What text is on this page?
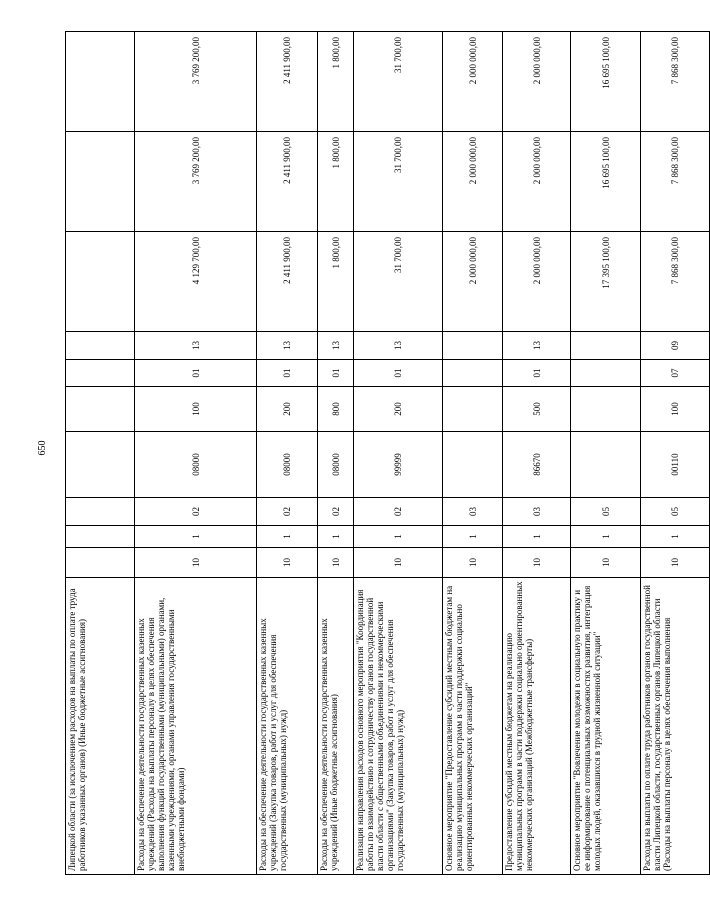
650
Липецкой области (за исключением расходов на выплаты по оплате труда работников указанных органов) (Иные бюджетные ассигнования)										
Расходы на обеспечение деятельности государственных казенных учреждений (Расходы на выплаты персоналу в целях обеспечения выполнения функций государственными (муниципальными) органами, казенными учреждениями, органами управления государственными внебюджетными фондами)	10	1	02	08000	100	01	13	4 129 700,00	3 769 200,00	3 769 200,00
Расходы на обеспечение деятельности государственных казенных учреждений (Закупка товаров, работ и услуг для обеспечения государственных (муниципальных) нужд)	10	1	02	08000	200	01	13	2 411 900,00	2 411 900,00	2 411 900,00
Расходы на обеспечение деятельности государственных казенных учреждений (Иные бюджетные ассигнования)	10	1	02	08000	800	01	13	1 800,00	1 800,00	1 800,00
Реализация направления расходов основного мероприятия "Координация работы по взаимодействию и сотрудничеству органов государственной власти области с общественными объединениями и некоммерческими организациями" (Закупка товаров, работ и услуг для обеспечения государственных (муниципальных) нужд)	10	1	02	99999	200	01	13	31 700,00	31 700,00	31 700,00
Основное мероприятие "Предоставление субсидий местным бюджетам на реализацию муниципальных программ в части поддержки социально ориентированных некоммерческих организаций"	10	1	03					2 000 000,00	2 000 000,00	2 000 000,00
Предоставление субсидий местным бюджетам на реализацию муниципальных программ в части поддержки социально ориентированных некоммерческих организаций (Межбюджетные трансферты)	10	1	03	86670	500	01	13	2 000 000,00	2 000 000,00	2 000 000,00
Основное мероприятие "Вовлечение молодежи в социальную практику и ее информирование о потенциальных возможностях развития, интеграция молодых людей, оказавшихся в трудной жизненной ситуации"	10	1	05					17 395 100,00	16 695 100,00	16 695 100,00
Расходы на выплаты по оплате труда работников органов государственной власти Липецкой области, государственных органов Липецкой области (Расходы на выплаты персоналу в целях обеспечения выполнения	10	1	05	00110	100	07	09	7 868 300,00	7 868 300,00	7 868 300,00
